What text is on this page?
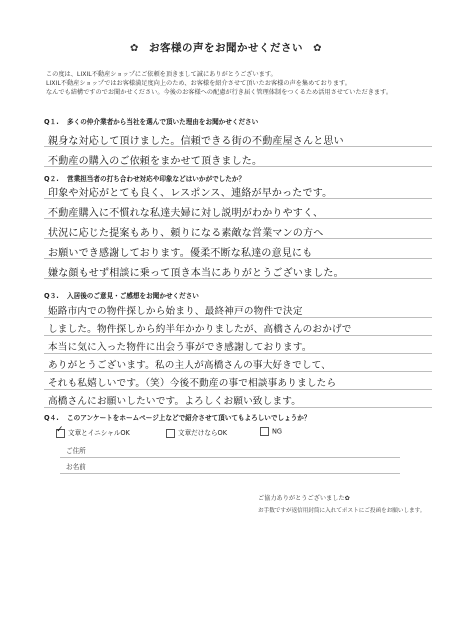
✿ お客様の声をお聞かせください ✿
この度は、LIXIL不動産ショップにご依頼を頂きまして誠にありがとうございます。
LIXIL不動産ショップではお客様満足度向上のため、お客様を紹介させて頂いたお客様の声を集めております。
なんでも結構ですのでお聞かせください。今後のお客様への配慮が行き届く管理体制をつくるため活用させていただきます。
Q１. 多くの仲介業者から当社を選んで頂いた理由をお聞かせください
親身な対応して頂けました。信頼できる街の不動産屋さんと思い
不動産の購入のご依頼をまかせて頂きました。
Q２. 営業担当者の打ち合わせ対応や印象などはいかがでしたか？
印象や対応がとても良く、レスポンス、連絡が早かったです。
不動産購入に不慣れな私達夫婦に対し説明がわかりやすく、
状況に応じた提案もあり、頼りになる素敵な営業マンの方へ
お願いでき感謝しております。優柔不断な私達の意見にも
嫌な顔もせず相談に乗って頂き本当にありがとうございました。
Q３. 入居後のご意見・ご感想をお聞かせください
姫路市内での物件探しから始まり、最終神戸の物件で決定
しました。物件探しから約半年かかりましたが、高橋さんのおかげで
本当に気に入った物件に出会う事ができ感謝しております。
ありがとうございます。私の主人が高橋さんの事大好きでして、
それも私嬉しいです。（笑）今後不動産の事で相談事ありましたら
高橋さんにお願いしたいです。よろしくお願い致します。
Q４. このアンケートをホームページ上などで紹介させて頂いてもよろしいでしょうか？
✓文章とイニシャルOK	文章だけならOK	NG
ご住所
お名前
ご協力ありがとうございました✿
お手数ですが返信用封筒に入れてポストにご投函をお願いします。
